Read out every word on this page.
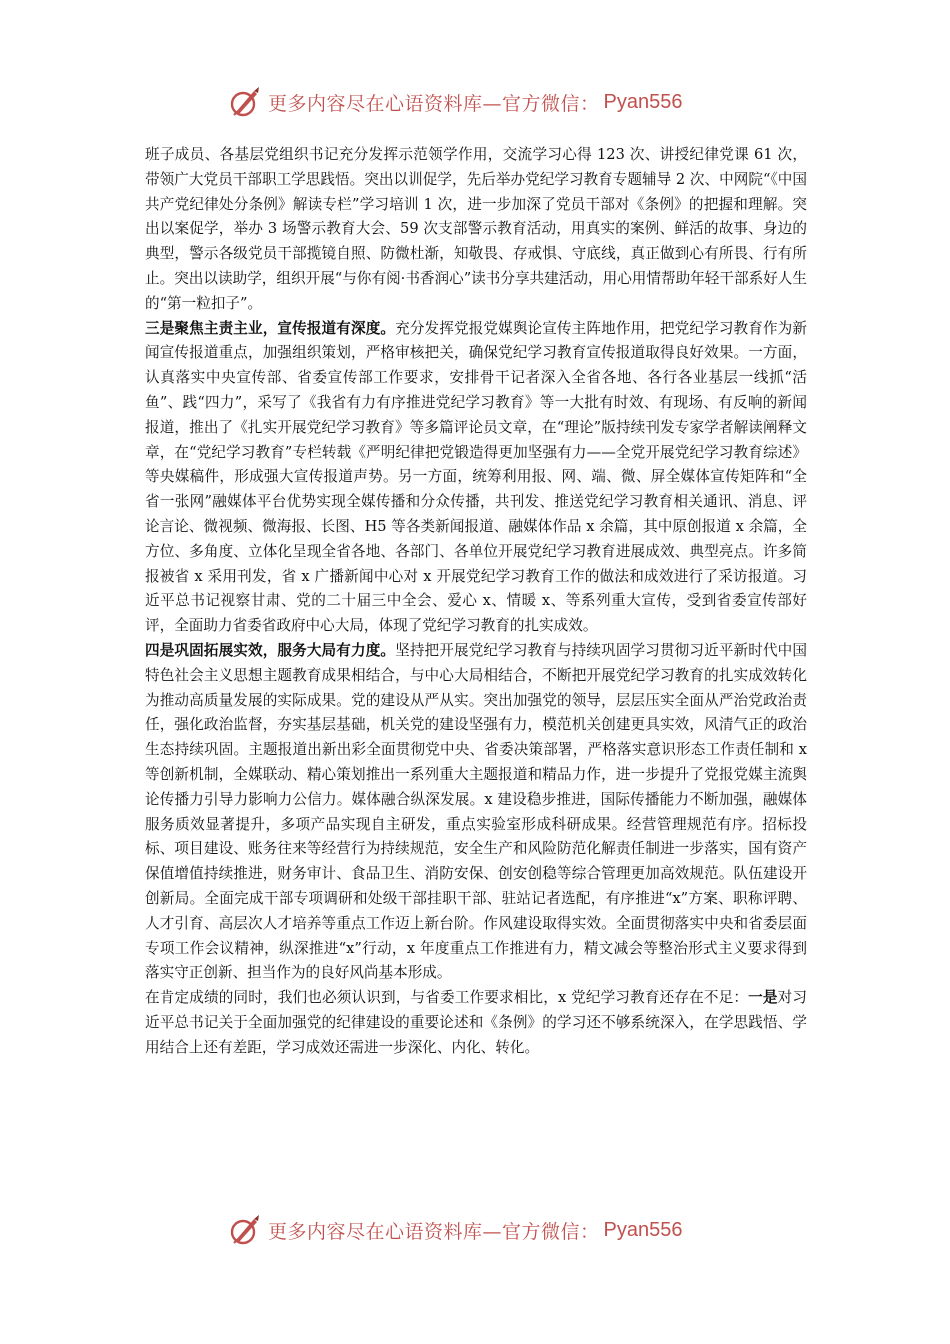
更多内容尽在心语资料库—官方微信： Pyan556

班子成员、各基层党组织书记充分发挥示范领学作用，交流学习心得 123 次、讲授纪律党课 61 次，带领广大党员干部职工学思践悟。突出以训促学，先后举办党纪学习教育专题辅导 2 次、中网院“《中国共产党纪律处分条例》解读专栏”学习培训 1 次，进一步加深了党员干部对《条例》的把握和理解。突出以案促学，举办 3 场警示教育大会、59 次支部警示教育活动，用真实的案例、鲜活的故事、身边的典型，警示各级党员干部揽镜自照、防微杜渐，知敬畏、存戒惧、守底线，真正做到心有所畏、行有所止。突出以读助学，组织开展“与你有阅·书香润心”读书分享共建活动，用心用情帮助年轻干部系好人生的“第一粒扣子”。

三是聚焦主责主业，宣传报道有深度。充分发挥党报党媒舆论宣传主阵地作用，把党纪学习教育作为新闻宣传报道重点，加强组织策划，严格审核把关，确保党纪学习教育宣传报道取得良好效果。一方面，认真落实中央宣传部、省委宣传部工作要求，安排骨干记者深入全省各地、各行各业基层一线抓“活鱼”、践“四力”，采写了《我省有力有序推进党纪学习教育》等一大批有时效、有现场、有反响的新闻报道，推出了《扎实开展党纪学习教育》等多篇评论员文章，在“理论”版持续刊发专家学者解读阐释文章，在“党纪学习教育”专栏转载《严明纪律把党锻造得更加坚强有力——全党开展党纪学习教育综述》等央媒稿件，形成强大宣传报道声势。另一方面，统筹利用报、网、端、微、屏全媒体宣传矩阵和“全省一张网”融媒体平台优势实现全媒传播和分众传播，共刊发、推送党纪学习教育相关通讯、消息、评论言论、微视频、微海报、长图、H5 等各类新闻报道、融媒体作品 x 余篇，其中原创报道 x 余篇，全方位、多角度、立体化呈现全省各地、各部门、各单位开展党纪学习教育进展成效、典型亮点。许多简报被省 x 采用刊发，省 x 广播新闻中心对 x 开展党纪学习教育工作的做法和成效进行了采访报道。习近平总书记视察甘肃、党的二十届三中全会、爱心 x、情暖 x、等系列重大宣传，受到省委宣传部好评，全面助力省委省政府中心大局，体现了党纪学习教育的扎实成效。

四是巩固拓展实效，服务大局有力度。坚持把开展党纪学习教育与持续巩固学习贯彻习近平新时代中国特色社会主义思想主题教育成果相结合，与中心大局相结合，不断把开展党纪学习教育的扎实成效转化为推动高质量发展的实际成果。党的建设从严从实。突出加强党的领导，层层压实全面从严治党政治责任，强化政治监督，夯实基层基础，机关党的建设坚强有力，模范机关创建更具实效，风清气正的政治生态持续巩固。主题报道出新出彩全面贯彻党中央、省委决策部署，严格落实意识形态工作责任制和 x 等创新机制，全媒联动、精心策划推出一系列重大主题报道和精品力作，进一步提升了党报党媒主流舆论传播力引导力影响力公信力。媒体融合纵深发展。x 建设稳步推进，国际传播能力不断加强，融媒体服务质效显著提升，多项产品实现自主研发，重点实验室形成科研成果。经营管理规范有序。招标投标、项目建设、账务往来等经营行为持续规范，安全生产和风险防范化解责任制进一步落实，国有资产保值增值持续推进，财务审计、食品卫生、消防安保、创安创稳等综合管理更加高效规范。队伍建设开创新局。全面完成干部专项调研和处级干部挂职干部、驻站记者选配，有序推进“x”方案、职称评聘、人才引育、高层次人才培养等重点工作迈上新台阶。作风建设取得实效。全面贯彻落实中央和省委层面专项工作会议精神，纵深推进“x”行动，x 年度重点工作推进有力，精文减会等整治形式主义要求得到落实守正创新、担当作为的良好风尚基本形成。

在肯定成绩的同时，我们也必须认识到，与省委工作要求相比，x 党纪学习教育还存在不足：一是对习近平总书记关于全面加强党的纪律建设的重要论述和《条例》的学习还不够系统深入，在学思践悟、学用结合上还有差距，学习成效还需进一步深化、内化、转化。

更多内容尽在心语资料库—官方微信： Pyan556
